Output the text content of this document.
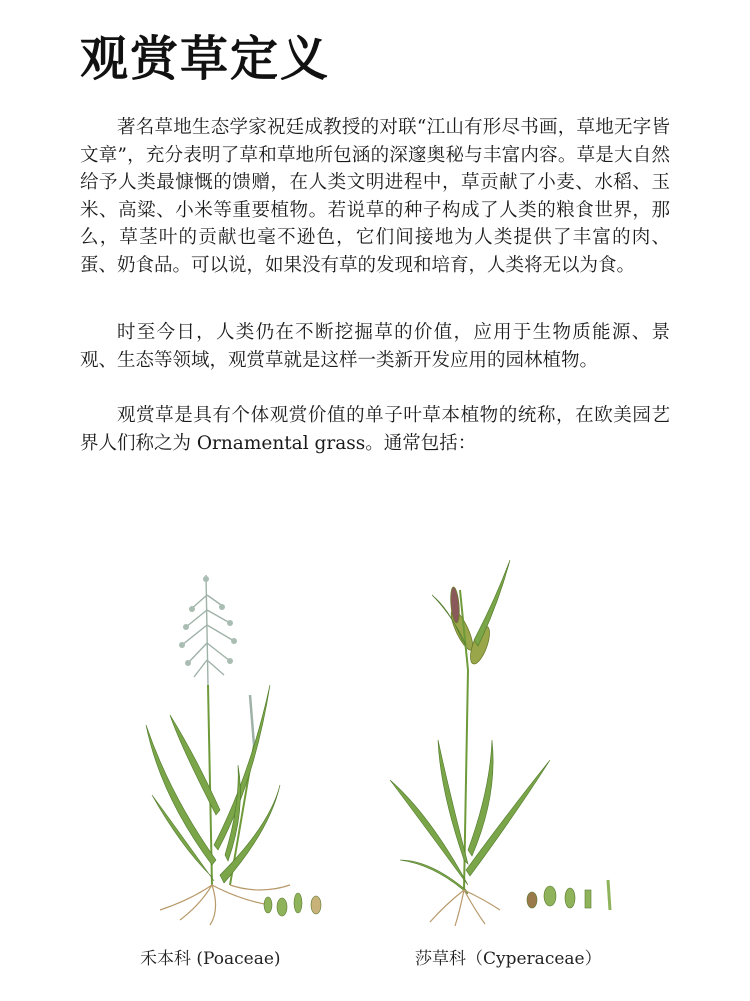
观赏草定义

著名草地生态学家祝廷成教授的对联“江山有形尽书画，草地无字皆文章”，充分表明了草和草地所包涵的深邃奥秘与丰富内容。草是大自然给予人类最慷慨的馈赠，在人类文明进程中，草贡献了小麦、水稻、玉米、高粱、小米等重要植物。若说草的种子构成了人类的粮食世界，那么，草茎叶的贡献也毫不逊色，它们间接地为人类提供了丰富的肉、蛋、奶食品。可以说，如果没有草的发现和培育，人类将无以为食。

时至今日，人类仍在不断挖掘草的价值，应用于生物质能源、景观、生态等领域，观赏草就是这样一类新开发应用的园林植物。

观赏草是具有个体观赏价值的单子叶草本植物的统称，在欧美园艺界人们称之为 Ornamental grass。通常包括：

禾本科 (Poaceae)	莎草科（Cyperaceae）
